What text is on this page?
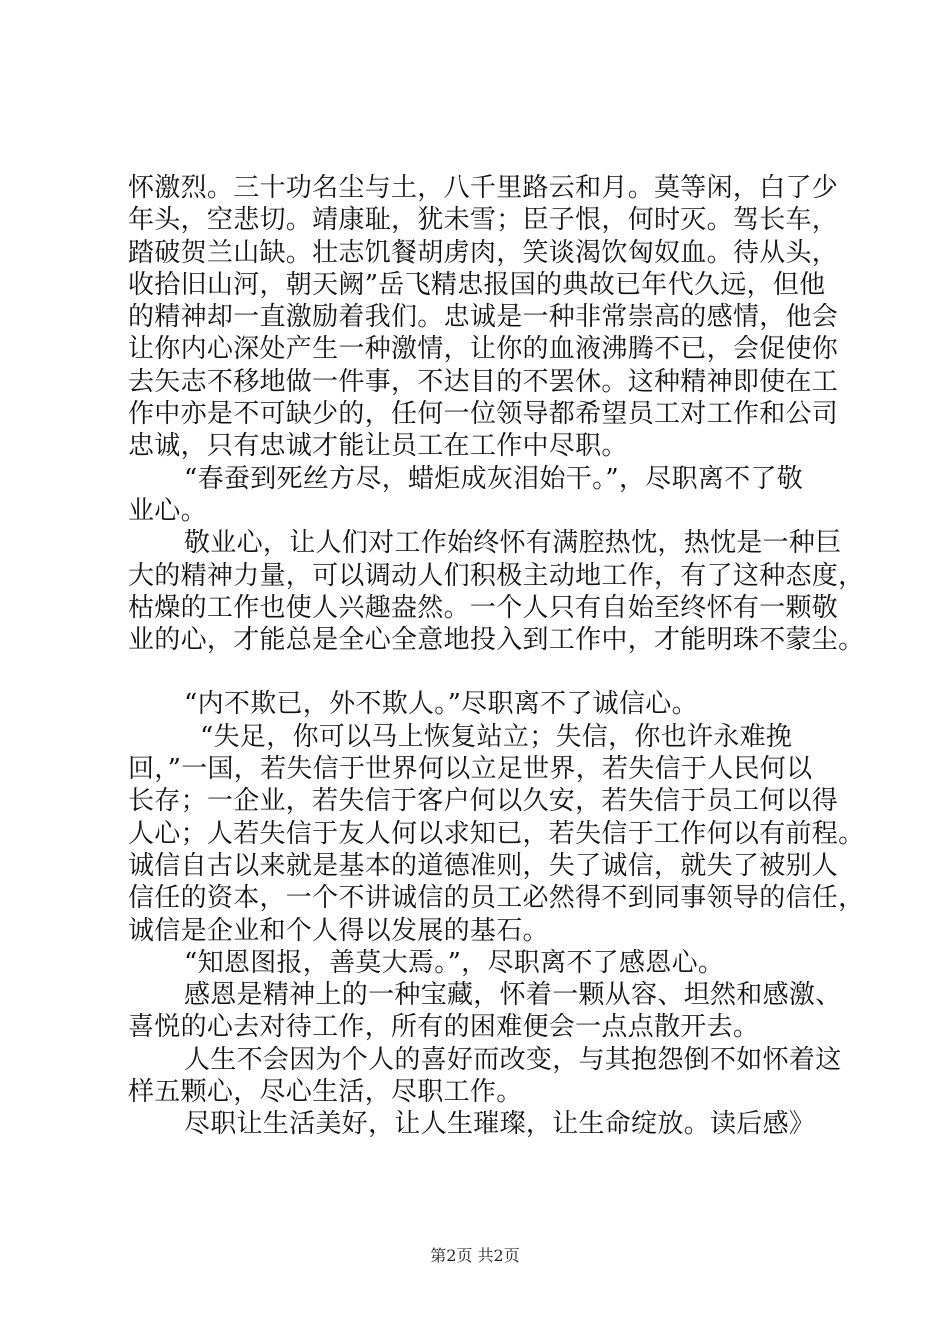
怀激烈。三十功名尘与土，八千里路云和月。莫等闲，白了少
年头，空悲切。靖康耻，犹未雪；臣子恨，何时灭。驾长车，
踏破贺兰山缺。壮志饥餐胡虏肉，笑谈渴饮匈奴血。待从头，
收拾旧山河，朝天阙”岳飞精忠报国的典故已年代久远，但他
的精神却一直激励着我们。忠诚是一种非常崇高的感情，他会
让你内心深处产生一种激情，让你的血液沸腾不已，会促使你
去矢志不移地做一件事，不达目的不罢休。这种精神即使在工
作中亦是不可缺少的，任何一位领导都希望员工对工作和公司
忠诚，只有忠诚才能让员工在工作中尽职。
“春蚕到死丝方尽，蜡炬成灰泪始干。”，尽职离不了敬
业心。
敬业心，让人们对工作始终怀有满腔热忱，热忱是一种巨
大的精神力量，可以调动人们积极主动地工作，有了这种态度，
枯燥的工作也使人兴趣盎然。一个人只有自始至终怀有一颗敬
业的心，才能总是全心全意地投入到工作中，才能明珠不蒙尘。
“内不欺已，外不欺人。”尽职离不了诚信心。
“失足，你可以马上恢复站立；失信，你也许永难挽
回，”一国，若失信于世界何以立足世界，若失信于人民何以
长存；一企业，若失信于客户何以久安，若失信于员工何以得
人心；人若失信于友人何以求知已，若失信于工作何以有前程。
诚信自古以来就是基本的道德准则，失了诚信，就失了被别人
信任的资本，一个不讲诚信的员工必然得不到同事领导的信任，
诚信是企业和个人得以发展的基石。
“知恩图报，善莫大焉。”，尽职离不了感恩心。
感恩是精神上的一种宝藏，怀着一颗从容、坦然和感激、
喜悦的心去对待工作，所有的困难便会一点点散开去。
人生不会因为个人的喜好而改变，与其抱怨倒不如怀着这
样五颗心，尽心生活，尽职工作。
尽职让生活美好，让人生璀璨，让生命绽放。读后感》
第2页 共2页
